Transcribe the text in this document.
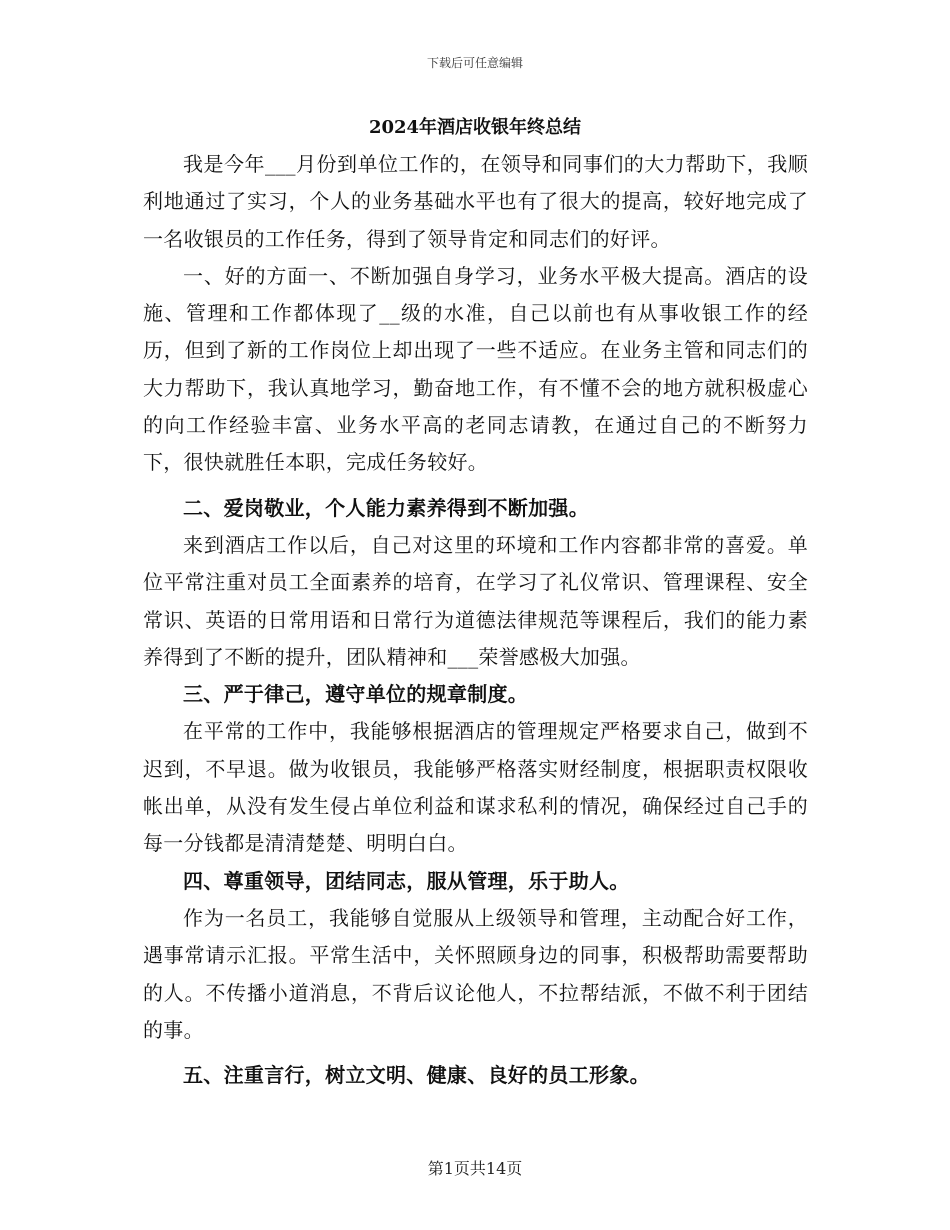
下载后可任意编辑
2024年酒店收银年终总结

我是今年___月份到单位工作的，在领导和同事们的大力帮助下，我顺利地通过了实习，个人的业务基础水平也有了很大的提高，较好地完成了一名收银员的工作任务，得到了领导肯定和同志们的好评。

一、好的方面一、不断加强自身学习，业务水平极大提高。酒店的设施、管理和工作都体现了__级的水准，自己以前也有从事收银工作的经历，但到了新的工作岗位上却出现了一些不适应。在业务主管和同志们的大力帮助下，我认真地学习，勤奋地工作，有不懂不会的地方就积极虚心的向工作经验丰富、业务水平高的老同志请教，在通过自己的不断努力下，很快就胜任本职，完成任务较好。

二、爱岗敬业，个人能力素养得到不断加强。

来到酒店工作以后，自己对这里的环境和工作内容都非常的喜爱。单位平常注重对员工全面素养的培育，在学习了礼仪常识、管理课程、安全常识、英语的日常用语和日常行为道德法律规范等课程后，我们的能力素养得到了不断的提升，团队精神和___荣誉感极大加强。

三、严于律己，遵守单位的规章制度。

在平常的工作中，我能够根据酒店的管理规定严格要求自己，做到不迟到，不早退。做为收银员，我能够严格落实财经制度，根据职责权限收帐出单，从没有发生侵占单位利益和谋求私利的情况，确保经过自己手的每一分钱都是清清楚楚、明明白白。

四、尊重领导，团结同志，服从管理，乐于助人。

作为一名员工，我能够自觉服从上级领导和管理，主动配合好工作，遇事常请示汇报。平常生活中，关怀照顾身边的同事，积极帮助需要帮助的人。不传播小道消息，不背后议论他人，不拉帮结派，不做不利于团结的事。

五、注重言行，树立文明、健康、良好的员工形象。

第1页共14页
